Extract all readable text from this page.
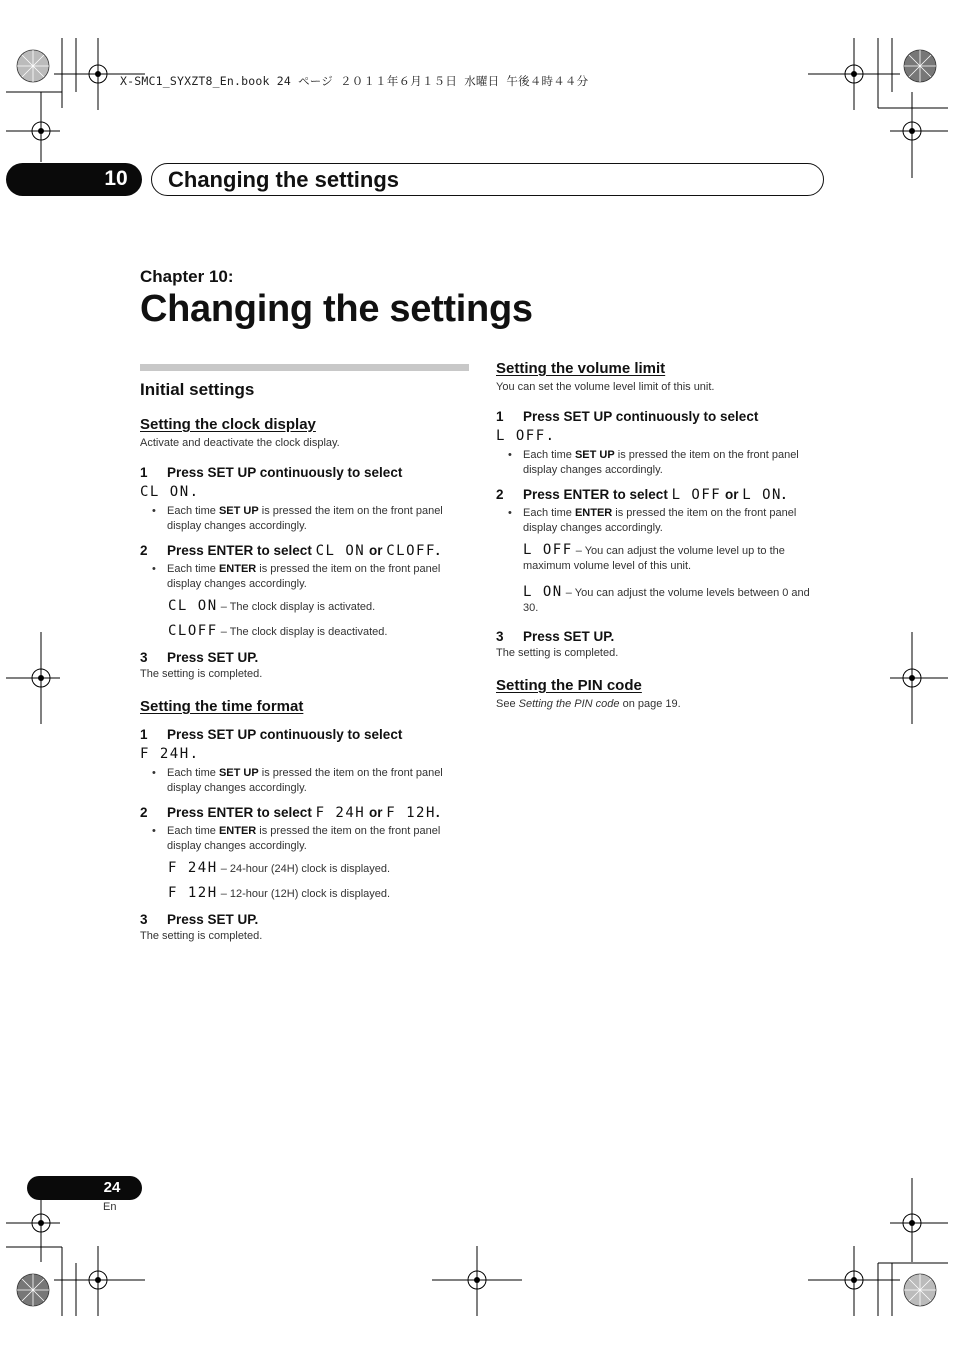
X-SMC1_SYXZT8_En.book 24 ページ ２０１１年６月１５日 水曜日 午後４時４４分
10	Changing the settings
Chapter 10:
Changing the settings
Initial settings
Setting the clock display
Activate and deactivate the clock display.
1	Press SET UP continuously to select
CL ON.
•	Each time SET UP is pressed the item on the front panel display changes accordingly.
2	Press ENTER to select CL ON or CLOFF.
•	Each time ENTER is pressed the item on the front panel display changes accordingly.
CL ON – The clock display is activated.
CLOFF – The clock display is deactivated.
3	Press SET UP.
The setting is completed.
Setting the time format
1	Press SET UP continuously to select
F 24H.
•	Each time SET UP is pressed the item on the front panel display changes accordingly.
2	Press ENTER to select F 24H or F 12H.
•	Each time ENTER is pressed the item on the front panel display changes accordingly.
F 24H – 24-hour (24H) clock is displayed.
F 12H – 12-hour (12H) clock is displayed.
3	Press SET UP.
The setting is completed.
Setting the volume limit
You can set the volume level limit of this unit.
1	Press SET UP continuously to select
L OFF.
•	Each time SET UP is pressed the item on the front panel display changes accordingly.
2	Press ENTER to select L OFF or L ON.
•	Each time ENTER is pressed the item on the front panel display changes accordingly.
L OFF – You can adjust the volume level up to the maximum volume level of this unit.
L ON – You can adjust the volume levels between 0 and 30.
3	Press SET UP.
The setting is completed.
Setting the PIN code
See Setting the PIN code on page 19.
24
En
